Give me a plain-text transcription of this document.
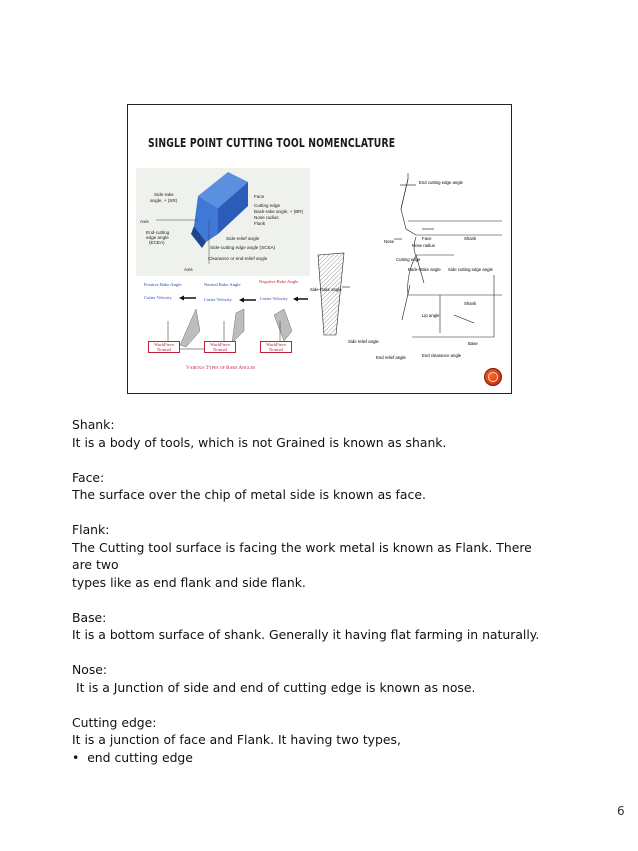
SINGLE POINT CUTTING TOOL NOMENCLATURE
Side-rake
angle, + (SR)
Axis
End-cutting
edge angle
(ECEA)
Axis
Face
Cutting edge
Back-rake angle, + (BR)
Nose radius
Flank
Side-relief angle
Side-cutting edge angle (SCEA)
Clearance or end-relief angle
Positive Rake Angle	Neutral Rake Angle
Negative Rake Angle
Cutter Velocity	Cutter Velocity	Cutter Velocity
WorkPiece
Normal
WorkPiece
Normal
WorkPiece
Normal
Various Types of Rake Angles
End cutting edge angle
Nose
Face	Shank
Nose radius
Cutting edge
Back-Rake angle Side cutting edge angle
Side-Rake angle
Shank
Lip angle
Side relief angle	Base
End relief angle	End clearance angle

Shank:

It is a body of tools, which is not Grained is known as shank.

Face:

The surface over the chip of metal side is known as face.

Flank:

The Cutting tool surface is facing the work metal is known as Flank. There are two

types like as end flank and side flank.

Base:

It is a bottom surface of shank. Generally it having flat farming in naturally.

Nose:

It is a Junction of side and end of cutting edge is known as nose.

Cutting edge:

It is a junction of face and Flank. It having two types,

•  end cutting edge

6
